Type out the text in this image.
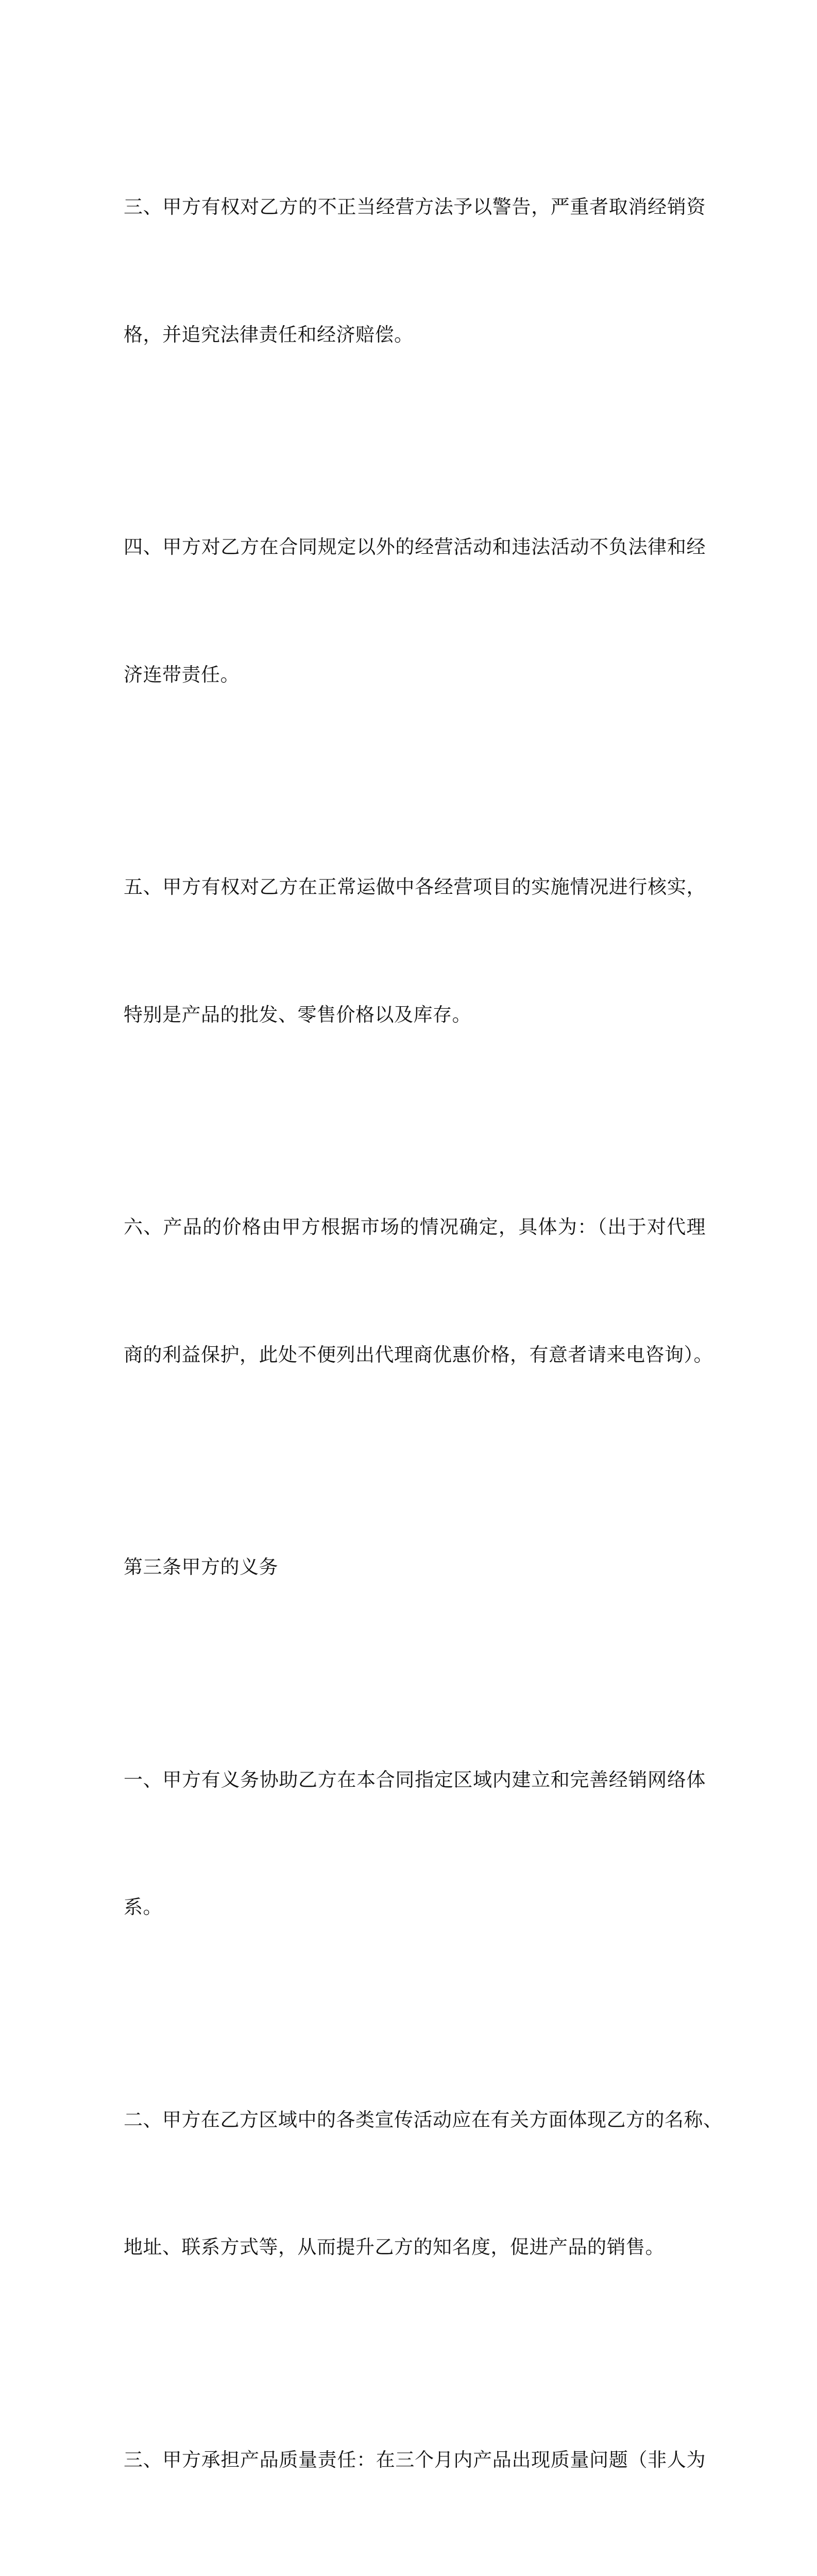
三、甲方有权对乙方的不正当经营方法予以警告，严重者取消经销资

格，并追究法律责任和经济赔偿。

四、甲方对乙方在合同规定以外的经营活动和违法活动不负法律和经

济连带责任。

五、甲方有权对乙方在正常运做中各经营项目的实施情况进行核实，

特别是产品的批发、零售价格以及库存。

六、产品的价格由甲方根据市场的情况确定，具体为：（出于对代理

商的利益保护，此处不便列出代理商优惠价格，有意者请来电咨询）。

第三条甲方的义务

一、甲方有义务协助乙方在本合同指定区域内建立和完善经销网络体

系。

二、甲方在乙方区域中的各类宣传活动应在有关方面体现乙方的名称、

地址、联系方式等，从而提升乙方的知名度，促进产品的销售。

三、甲方承担产品质量责任：在三个月内产品出现质量问题（非人为
